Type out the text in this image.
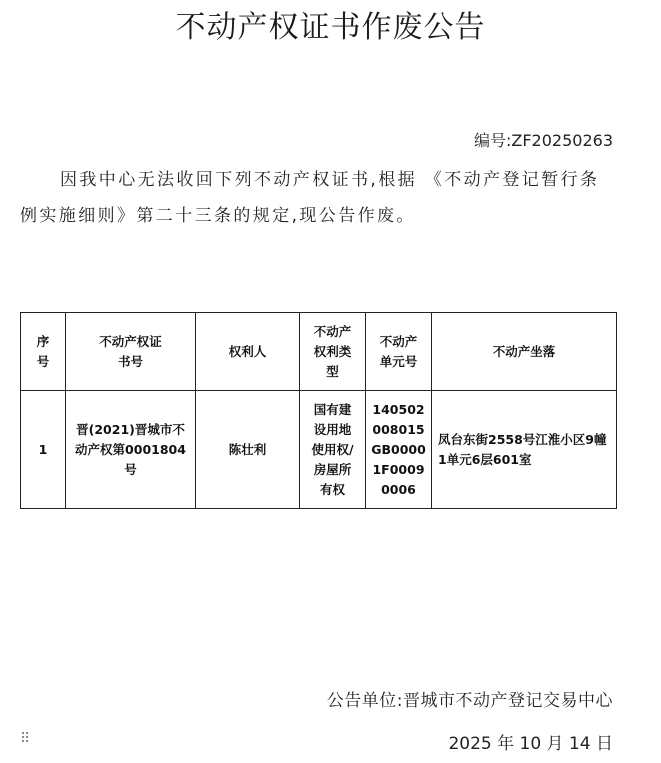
不动产权证书作废公告
编号:ZF20250263

因我中心无法收回下列不动产权证书,根据 《不动产登记暂行条例实施细则》第二十三条的规定,现公告作废。

序号	不动产权证书号	权利人	不动产权利类型	不动产单元号	不动产坐落
1	晋(2021)晋城市不动产权第0001804号	陈壮利	国有建设用地使用权/房屋所有权	140502008015GB00001F00090006	凤台东街2558号江淮小区9幢1单元6层601室
公告单位:晋城市不动产登记交易中心
⠿	2025 年 10 月 14 日
